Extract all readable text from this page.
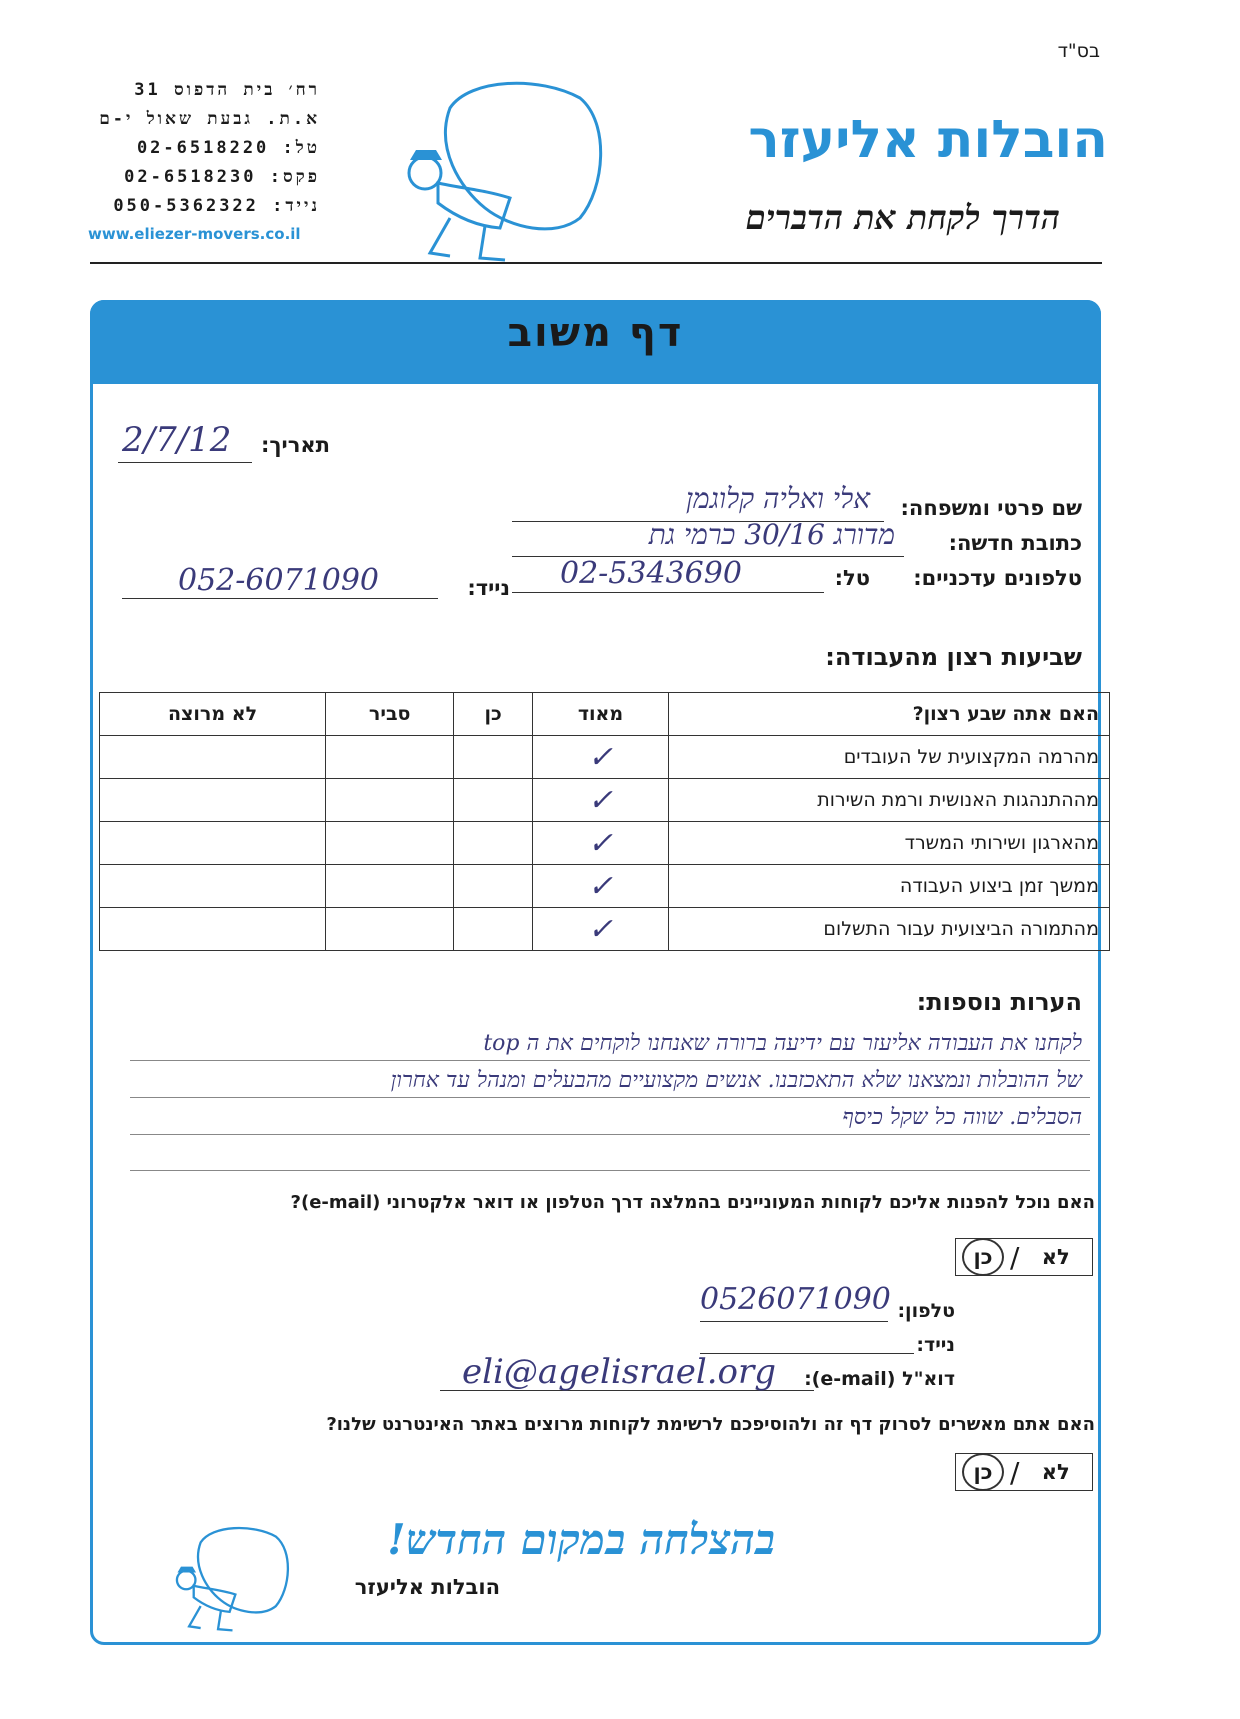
בס"ד
רח׳ בית הדפוס 31
א.ת. גבעת שאול י-ם
טל: 02-6518220
פקס: 02-6518230
נייד: 050-5362322
www.eliezer-movers.co.il
הובלות אליעזר
הדרך לקחת את הדברים
דף משוב
תאריך:
2/7/12
שם פרטי ומשפחה:
אלי ואליה קלוגמן
כתובת חדשה:
מדורג 30/16 כרמי גת
טלפונים עדכניים:
טל:
02-5343690
נייד:
052-6071090
שביעות רצון מהעבודה:
האם אתה שבע רצון?	מאוד	כן	סביר	לא מרוצה
מהרמה המקצועית של העובדים	✓			
מההתנהגות האנושית ורמת השירות	✓			
מהארגון ושירותי המשרד	✓			
ממשך זמן ביצוע העבודה	✓			
מהתמורה הביצועית עבור התשלום	✓			
הערות נוספות:
לקחנו את העבודה אליעזר עם ידיעה ברורה שאנחנו לוקחים את ה top
של ההובלות ונמצאנו שלא התאכזבנו. אנשים מקצועיים מהבעלים ומנהל עד אחרון
הסבלים. שווה כל שקל כיסף
האם נוכל להפנות אליכם לקוחות המעוניינים בהמלצה דרך הטלפון או דואר אלקטרוני (e-mail)?
לא
/
כן
טלפון:
0526071090
נייד:
דוא"ל (e-mail):
eli@agelisrael.org
האם אתם מאשרים לסרוק דף זה ולהוסיפכם לרשימת לקוחות מרוצים באתר האינטרנט שלנו?
לא
/
כן
בהצלחה במקום החדש!
הובלות אליעזר
